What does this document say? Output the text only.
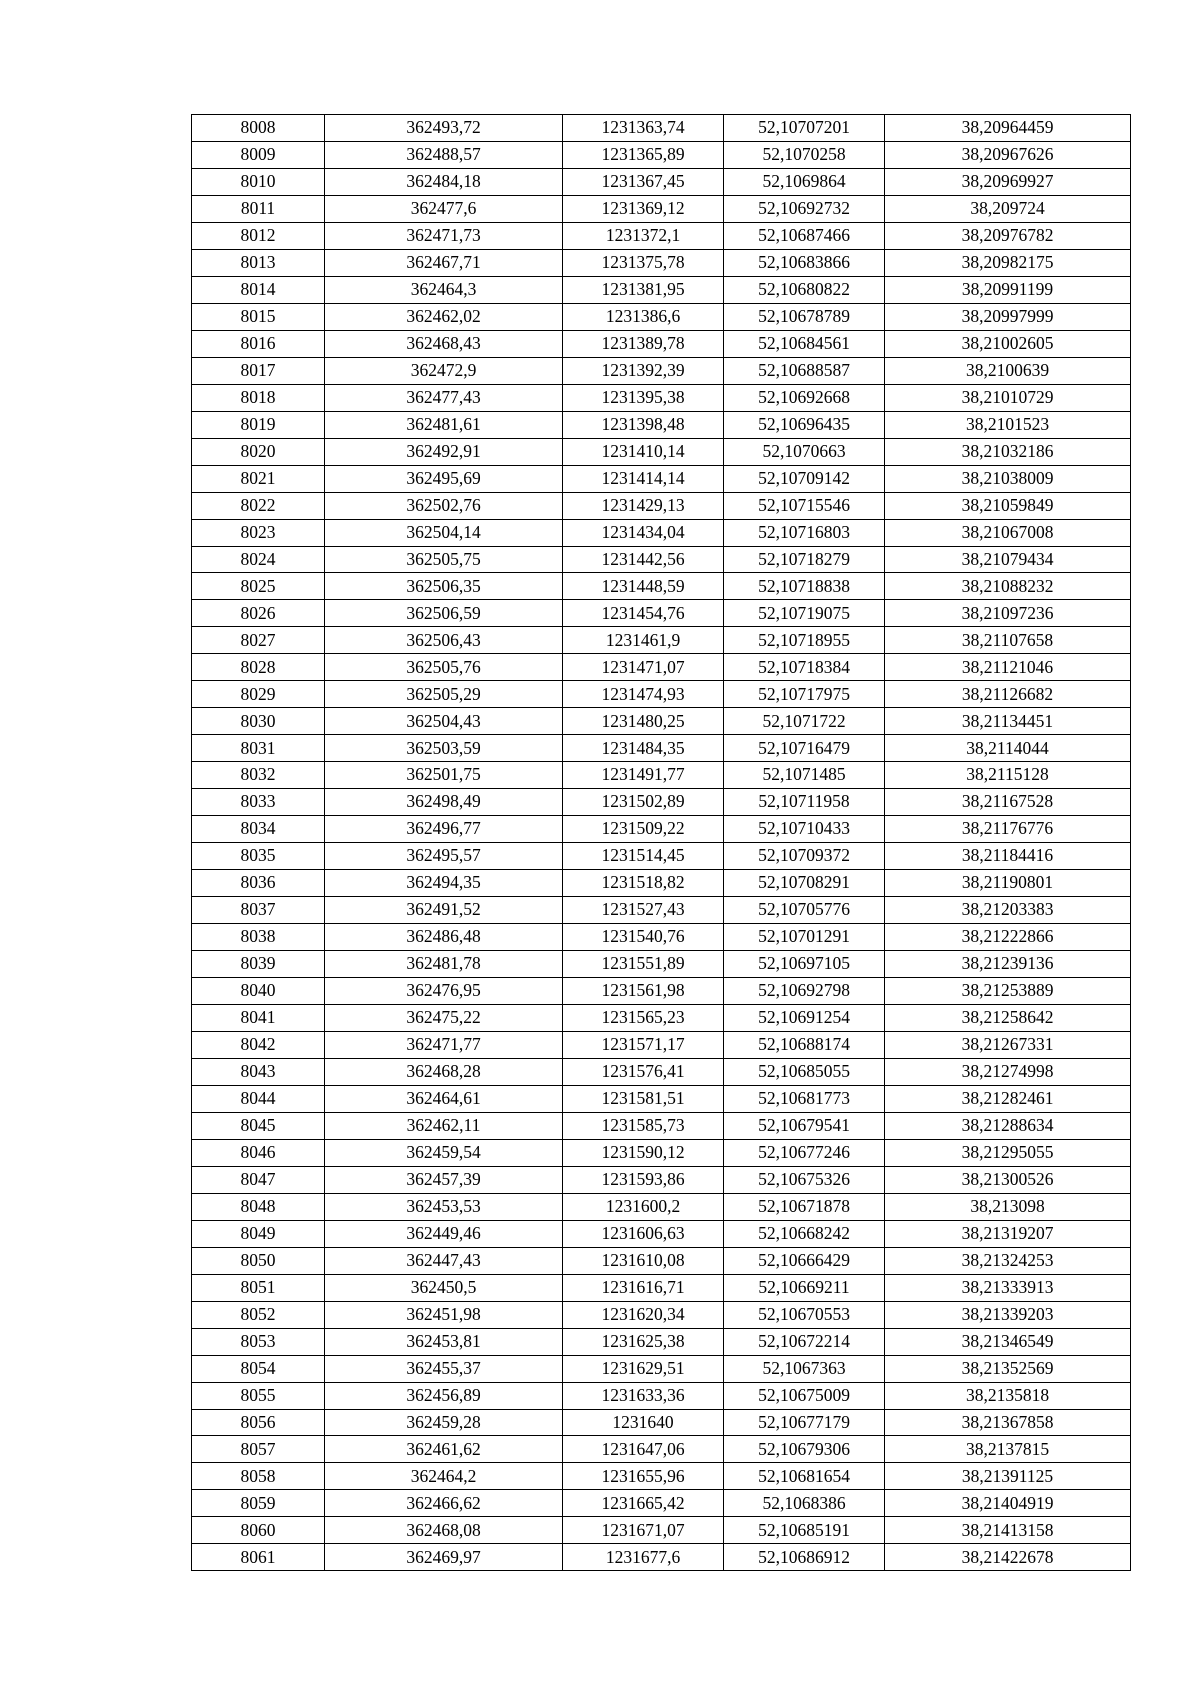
8008	362493,72	1231363,74	52,10707201	38,20964459
8009	362488,57	1231365,89	52,1070258	38,20967626
8010	362484,18	1231367,45	52,1069864	38,20969927
8011	362477,6	1231369,12	52,10692732	38,209724
8012	362471,73	1231372,1	52,10687466	38,20976782
8013	362467,71	1231375,78	52,10683866	38,20982175
8014	362464,3	1231381,95	52,10680822	38,20991199
8015	362462,02	1231386,6	52,10678789	38,20997999
8016	362468,43	1231389,78	52,10684561	38,21002605
8017	362472,9	1231392,39	52,10688587	38,2100639
8018	362477,43	1231395,38	52,10692668	38,21010729
8019	362481,61	1231398,48	52,10696435	38,2101523
8020	362492,91	1231410,14	52,1070663	38,21032186
8021	362495,69	1231414,14	52,10709142	38,21038009
8022	362502,76	1231429,13	52,10715546	38,21059849
8023	362504,14	1231434,04	52,10716803	38,21067008
8024	362505,75	1231442,56	52,10718279	38,21079434
8025	362506,35	1231448,59	52,10718838	38,21088232
8026	362506,59	1231454,76	52,10719075	38,21097236
8027	362506,43	1231461,9	52,10718955	38,21107658
8028	362505,76	1231471,07	52,10718384	38,21121046
8029	362505,29	1231474,93	52,10717975	38,21126682
8030	362504,43	1231480,25	52,1071722	38,21134451
8031	362503,59	1231484,35	52,10716479	38,2114044
8032	362501,75	1231491,77	52,1071485	38,2115128
8033	362498,49	1231502,89	52,10711958	38,21167528
8034	362496,77	1231509,22	52,10710433	38,21176776
8035	362495,57	1231514,45	52,10709372	38,21184416
8036	362494,35	1231518,82	52,10708291	38,21190801
8037	362491,52	1231527,43	52,10705776	38,21203383
8038	362486,48	1231540,76	52,10701291	38,21222866
8039	362481,78	1231551,89	52,10697105	38,21239136
8040	362476,95	1231561,98	52,10692798	38,21253889
8041	362475,22	1231565,23	52,10691254	38,21258642
8042	362471,77	1231571,17	52,10688174	38,21267331
8043	362468,28	1231576,41	52,10685055	38,21274998
8044	362464,61	1231581,51	52,10681773	38,21282461
8045	362462,11	1231585,73	52,10679541	38,21288634
8046	362459,54	1231590,12	52,10677246	38,21295055
8047	362457,39	1231593,86	52,10675326	38,21300526
8048	362453,53	1231600,2	52,10671878	38,213098
8049	362449,46	1231606,63	52,10668242	38,21319207
8050	362447,43	1231610,08	52,10666429	38,21324253
8051	362450,5	1231616,71	52,10669211	38,21333913
8052	362451,98	1231620,34	52,10670553	38,21339203
8053	362453,81	1231625,38	52,10672214	38,21346549
8054	362455,37	1231629,51	52,1067363	38,21352569
8055	362456,89	1231633,36	52,10675009	38,2135818
8056	362459,28	1231640	52,10677179	38,21367858
8057	362461,62	1231647,06	52,10679306	38,2137815
8058	362464,2	1231655,96	52,10681654	38,21391125
8059	362466,62	1231665,42	52,1068386	38,21404919
8060	362468,08	1231671,07	52,10685191	38,21413158
8061	362469,97	1231677,6	52,10686912	38,21422678
